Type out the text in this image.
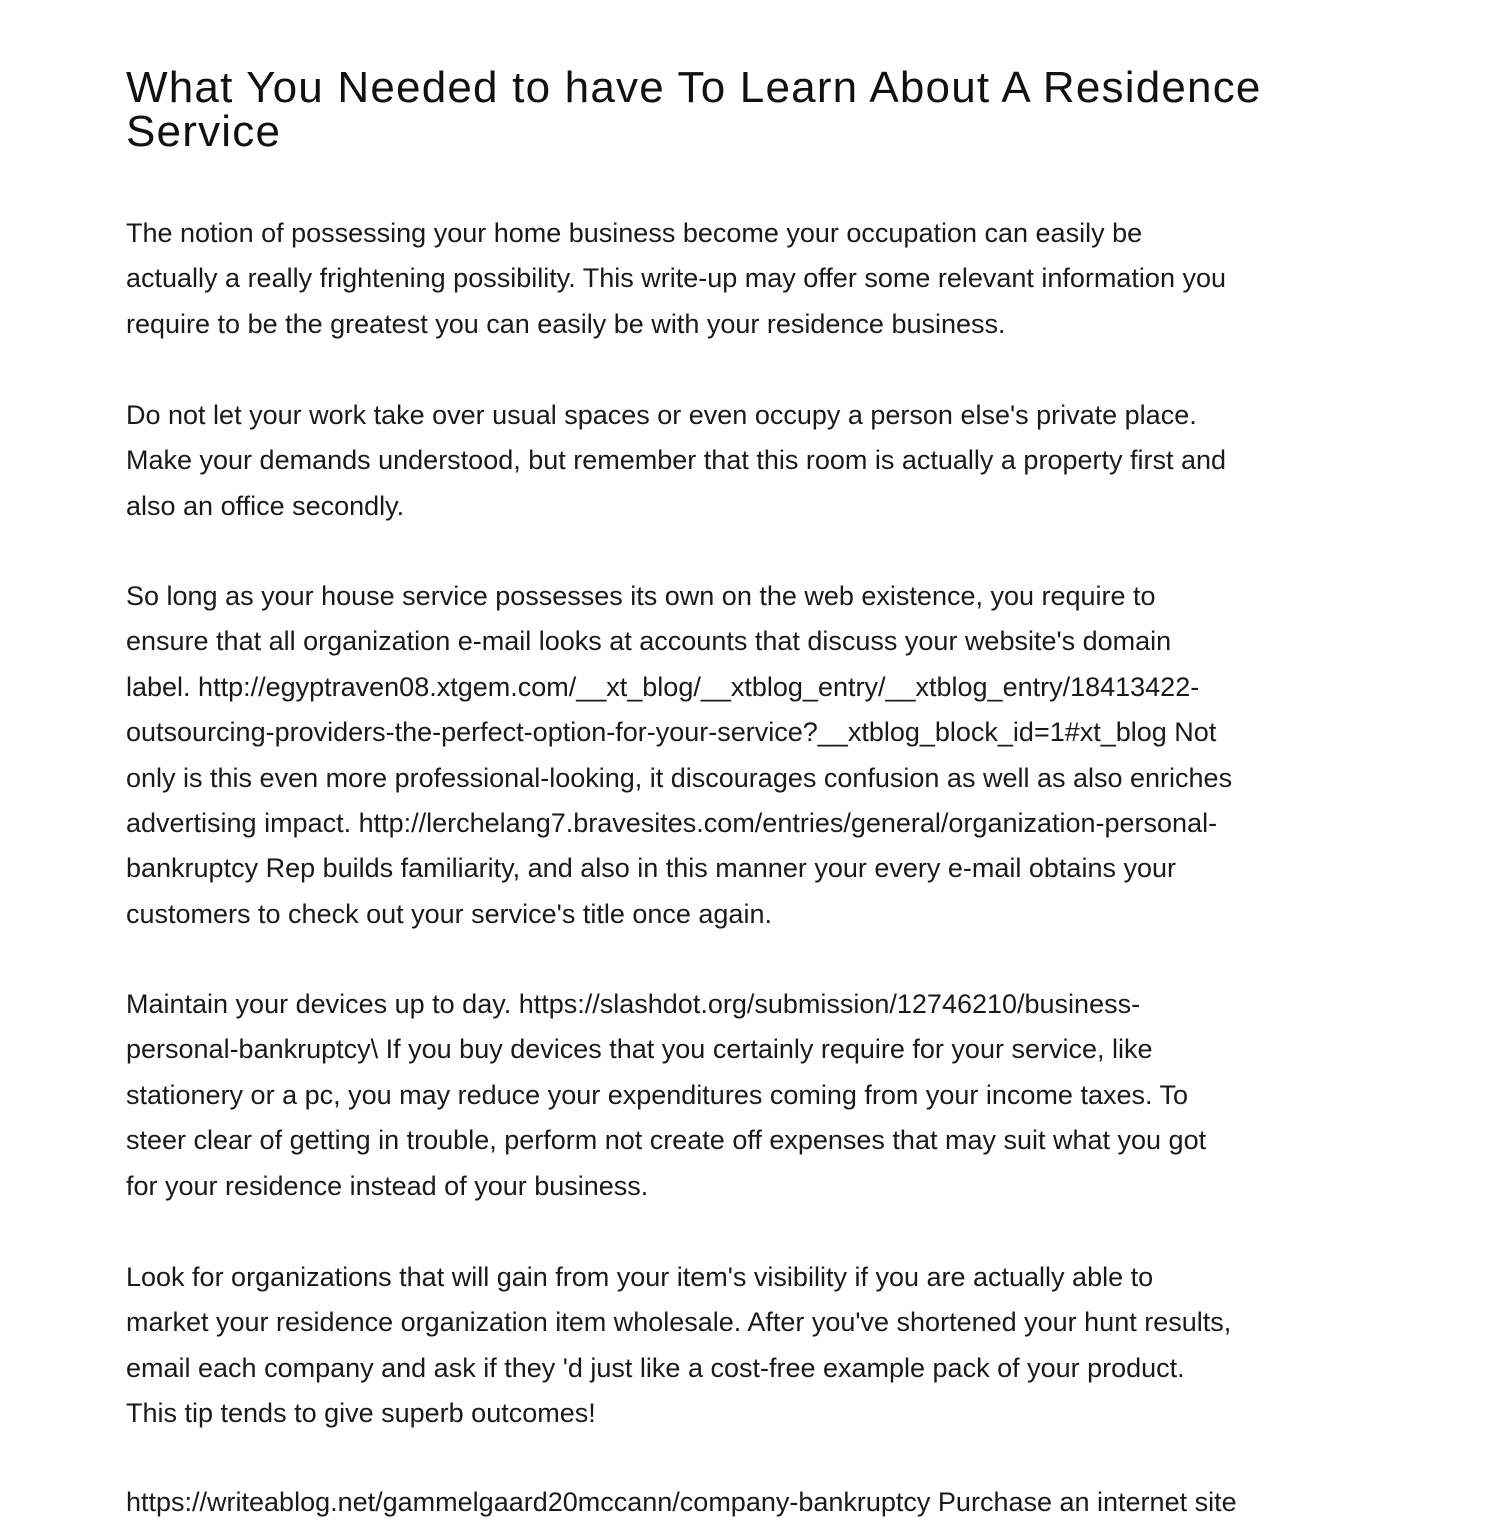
What You Needed to have To Learn About A Residence
Service

The notion of possessing your home business become your occupation can easily be
actually a really frightening possibility. This write-up may offer some relevant information you
require to be the greatest you can easily be with your residence business.

Do not let your work take over usual spaces or even occupy a person else's private place.
Make your demands understood, but remember that this room is actually a property first and
also an office secondly.

So long as your house service possesses its own on the web existence, you require to
ensure that all organization e-mail looks at accounts that discuss your website's domain
label. http://egyptraven08.xtgem.com/__xt_blog/__xtblog_entry/__xtblog_entry/18413422-
outsourcing-providers-the-perfect-option-for-your-service?__xtblog_block_id=1#xt_blog Not
only is this even more professional-looking, it discourages confusion as well as also enriches
advertising impact. http://lerchelang7.bravesites.com/entries/general/organization-personal-
bankruptcy Rep builds familiarity, and also in this manner your every e-mail obtains your
customers to check out your service's title once again.

Maintain your devices up to day. https://slashdot.org/submission/12746210/business-
personal-bankruptcy\ If you buy devices that you certainly require for your service, like
stationery or a pc, you may reduce your expenditures coming from your income taxes. To
steer clear of getting in trouble, perform not create off expenses that may suit what you got
for your residence instead of your business.

Look for organizations that will gain from your item's visibility if you are actually able to
market your residence organization item wholesale. After you've shortened your hunt results,
email each company and ask if they 'd just like a cost-free example pack of your product.
This tip tends to give superb outcomes!

https://writeablog.net/gammelgaard20mccann/company-bankruptcy Purchase an internet site
